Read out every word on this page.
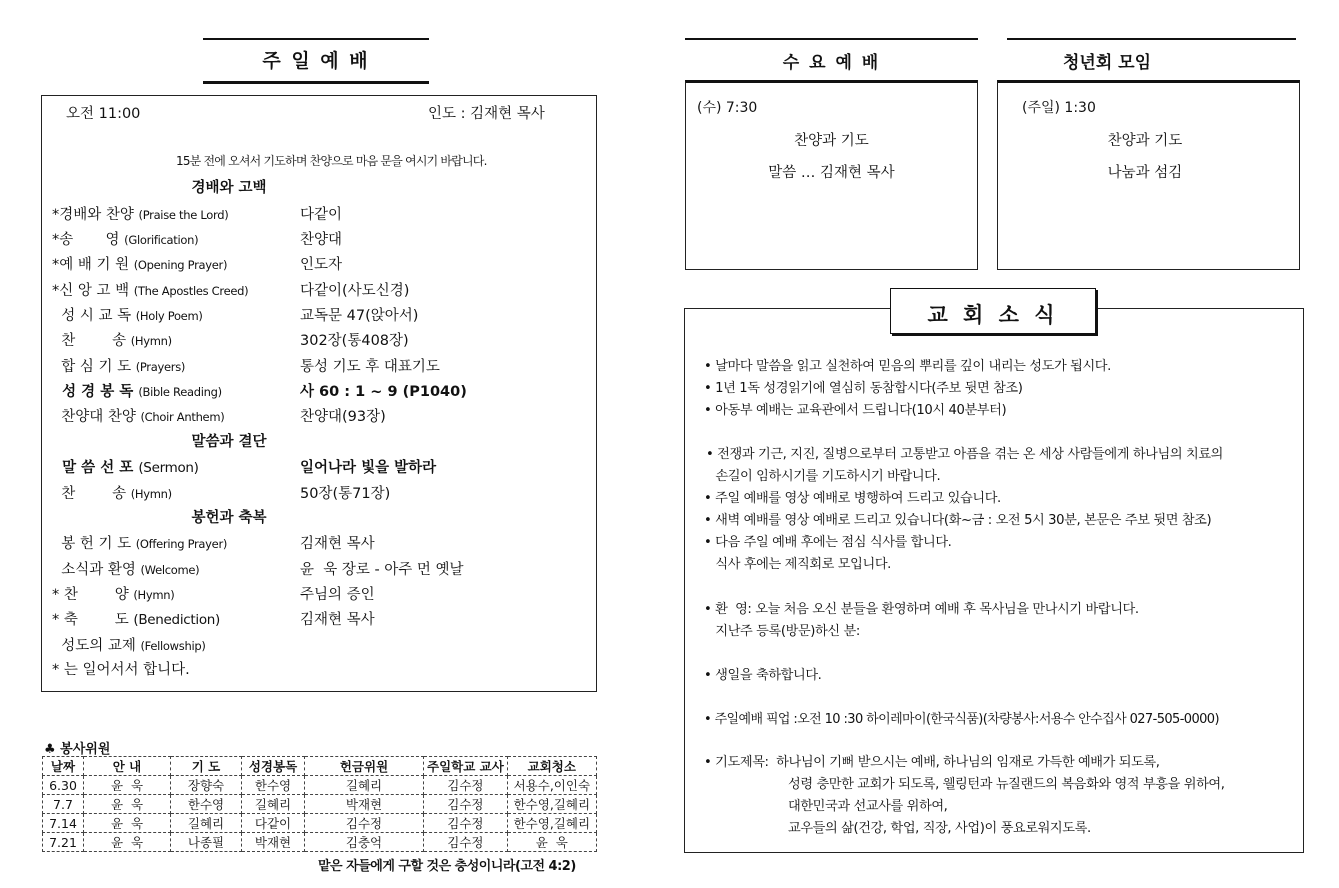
주 일 예 배
오전 11:00	인도 : 김재현 목사
15분 전에 오셔서 기도하며 찬양으로 마음 문을 여시기 바랍니다.
경배와 고백
*경배와 찬양 (Praise the Lord)	다같이
*송       영 (Glorification)	찬양대
*예 배 기 원 (Opening Prayer)	인도자
*신 앙 고 백 (The Apostles Creed)	다같이(사도신경)
성 시 교 독 (Holy Poem)	교독문 47(앉아서)
찬        송 (Hymn)	302장(통408장)
합 심 기 도 (Prayers)	통성 기도 후 대표기도
성 경 봉 독 (Bible Reading)	사 60 : 1 ~ 9 (P1040)
찬양대 찬양 (Choir Anthem)	찬양대(93장)
말씀과 결단
말 씀 선 포 (Sermon)	일어나라 빛을 발하라
찬        송 (Hymn)	50장(통71장)
봉헌과 축복
봉 헌 기 도 (Offering Prayer)	김재현 목사
소식과 환영 (Welcome)	윤  욱 장로 - 아주 먼 옛날
* 찬        양 (Hymn)	주님의 증인
* 축        도 (Benediction)	김재현 목사
성도의 교제 (Fellowship)
* 는 일어서서 합니다.
♣ 봉사위원
날짜	안 내	기 도	성경봉독	헌금위원	주일학교 교사	교회청소
6.30	윤  욱	장향숙	한수영	길혜리	김수정	서용수,이인숙
7.7	윤  욱	한수영	길혜리	박재현	김수정	한수영,길혜리
7.14	윤  욱	길혜리	다같이	김수정	김수정	한수영,길혜리
7.21	윤  욱	나종필	박재현	김충억	김수정	윤  욱
맡은 자들에게 구할 것은 충성이니라(고전 4:2)
수 요 예 배
(수) 7:30
찬양과 기도
말씀 … 김재현 목사
청년회 모임
(주일) 1:30
찬양과 기도
나눔과 섬김
교 회 소 식
• 날마다 말씀을 읽고 실천하여 믿음의 뿌리를 깊이 내리는 성도가 됩시다.
• 1년 1독 성경읽기에 열심히 동참합시다(주보 뒷면 참조)
• 아동부 예배는 교육관에서 드립니다(10시 40분부터)
• 전쟁과 기근, 지진, 질병으로부터 고통받고 아픔을 겪는 온 세상 사람들에게 하나님의 치료의
손길이 임하시기를 기도하시기 바랍니다.
• 주일 예배를 영상 예배로 병행하여 드리고 있습니다.
• 새벽 예배를 영상 예배로 드리고 있습니다(화~금 : 오전 5시 30분, 본문은 주보 뒷면 참조)
• 다음 주일 예배 후에는 점심 식사를 합니다.
식사 후에는 제직회로 모입니다.
• 환  영: 오늘 처음 오신 분들을 환영하며 예배 후 목사님을 만나시기 바랍니다.
지난주 등록(방문)하신 분:
• 생일을 축하합니다.
• 주일예배 픽업 :오전 10 :30 하이레마이(한국식품)(차량봉사:서용수 안수집사 027-505-0000)
• 기도제목:  하나님이 기뻐 받으시는 예배, 하나님의 임재로 가득한 예배가 되도록,
성령 충만한 교회가 되도록, 웰링턴과 뉴질랜드의 복음화와 영적 부흥을 위하여,
대한민국과 선교사를 위하여,
교우들의 삶(건강, 학업, 직장, 사업)이 풍요로워지도록.
